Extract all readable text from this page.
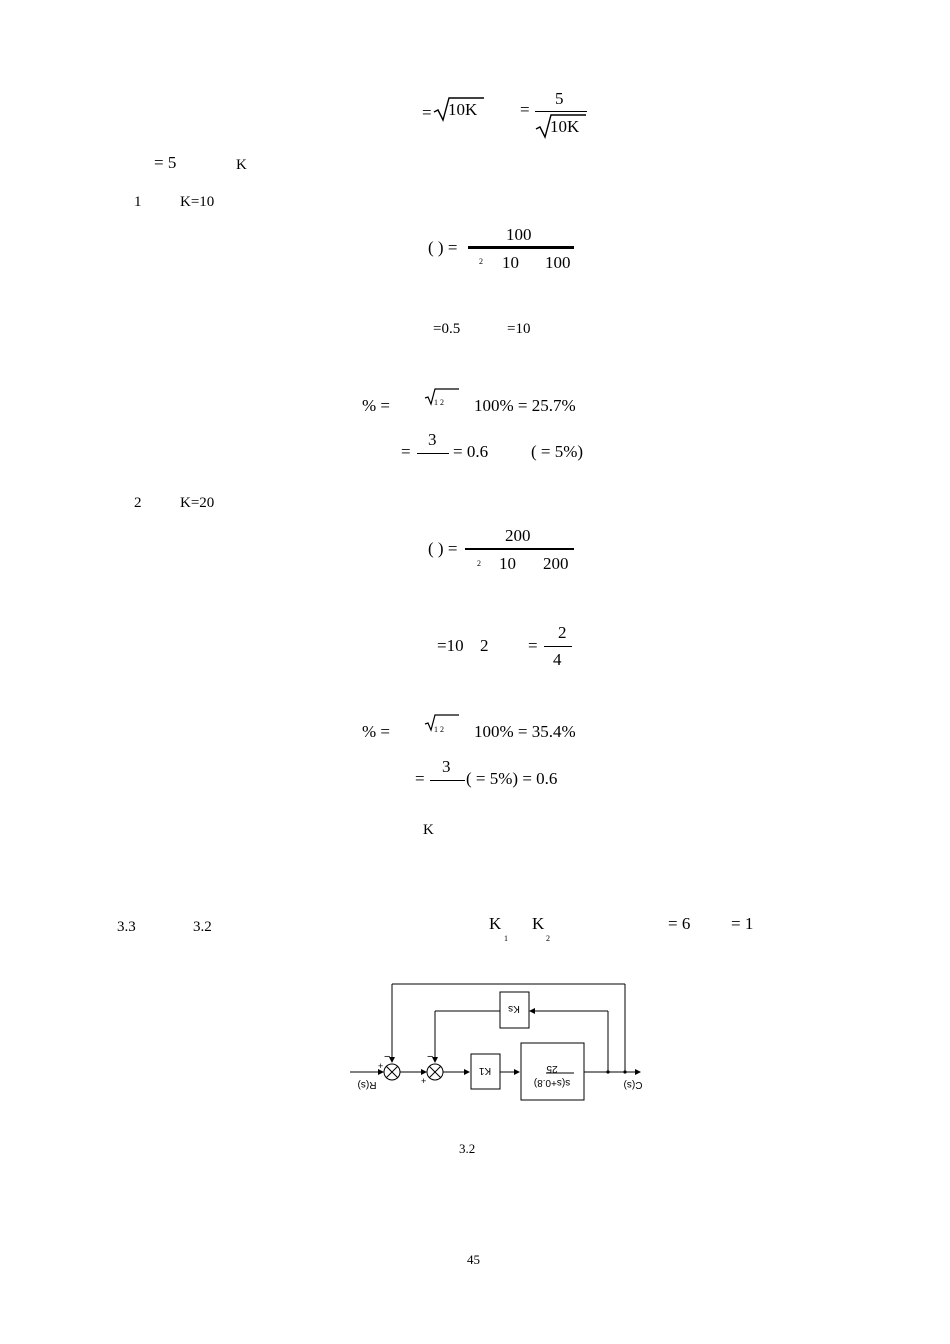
= 10K	=
5
10K
= 5	K
1	K=10
( ) =
100
2 10 100
=0.5	=10
% =	1 2 100% = 25.7%
=
3
= 0.6	( = 5%)
2	K=20
( ) =
200
2 10 200
=10 2 =
2
4
% =	1 2 100% = 35.4%
=
3
( = 5%) = 0.6
K
3.3	3.2	K
1
K
2
= 6 = 1
R(s)	C(s)
K1
Ks
s(s+0.8)
25
−	−
+
+
3.2
45
